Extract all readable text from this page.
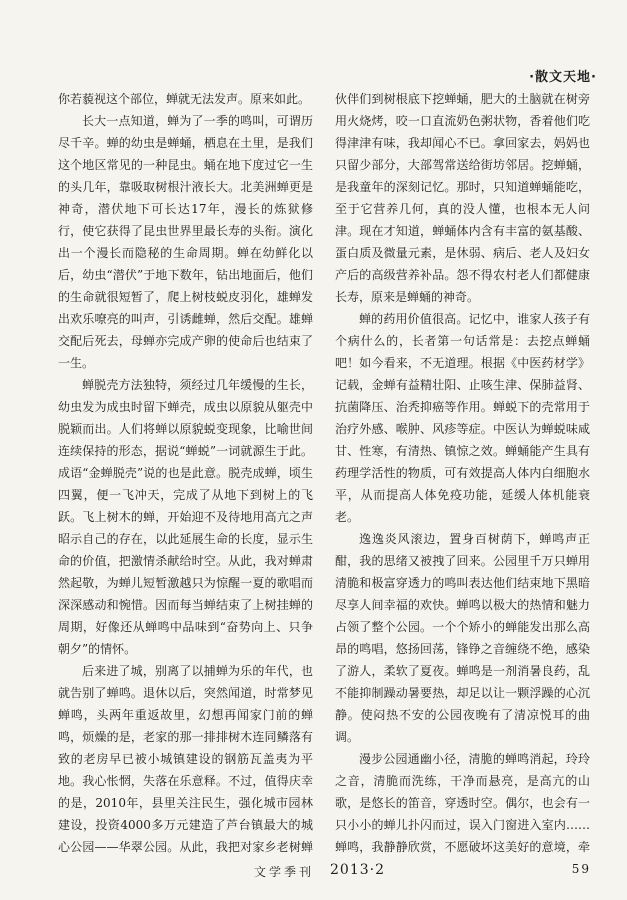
·散文天地·

你若藐视这个部位，蝉就无法发声。原来如此。

长大一点知道，蝉为了一季的鸣叫，可谓历尽千辛。蝉的幼虫是蝉蛹，栖息在土里，是我们这个地区常见的一种昆虫。蛹在地下度过它一生的头几年，靠吸取树根汁液长大。北美洲蝉更是神奇，潜伏地下可长达17年，漫长的炼狱修行，使它获得了昆虫世界里最长寿的头衔。演化出一个漫长而隐秘的生命周期。蝉在幼鲜化以后，幼虫“潜伏”于地下数年，钻出地面后，他们的生命就很短暂了，爬上树枝蜕皮羽化，雄蝉发出欢乐嘹亮的叫声，引诱雌蝉，然后交配。雄蝉交配后死去，母蝉亦完成产卵的使命后也结束了一生。

蝉脱壳方法独特，须经过几年缓慢的生长，幼虫发为成虫时留下蝉壳，成虫以原貌从躯壳中脱颖而出。人们将蝉以原貌蜕变现象，比喻世间连续保持的形态，据说“蝉蜕”一词就源生于此。成语“金蝉脱壳”说的也是此意。脱壳成蝉，顷生四翼，便一飞冲天，完成了从地下到树上的飞跃。飞上树木的蝉，开始迎不及待地用高亢之声昭示自己的存在，以此延展生命的长度，显示生命的价值，把激情杀献给时空。从此，我对蝉肃然起敬，为蝉儿短暂激越只为惊醒一夏的歌唱而深深感动和惋惜。因而每当蝉结束了上树挂蝉的周期，好像还从蝉鸣中品味到“奋势向上、只争朝夕”的情怀。

后来进了城，别离了以捕蝉为乐的年代，也就告别了蝉鸣。退休以后，突然闻道，时常梦见蝉鸣，头两年重返故里，幻想再闻家门前的蝉鸣，烦燥的是，老家的那一排排树木连同鳞落有致的老房早已被小城镇建设的钢筋瓦盖夷为平地。我心怅惘，失落在乐意释。不过，值得庆幸的是，2010年，县里关注民生，强化城市园林建设，投资4000多万元建造了芦台镇最大的城心公园——华翠公园。从此，我把对家乡老树蝉

伙伴们到树根底下挖蝉蛹，肥大的土脑就在树旁用火烧烤，咬一口直流奶色粥状物，香着他们吃得津津有味，我却闻心不已。拿回家去，妈妈也只留少部分，大部驾常送给街坊邻居。挖蝉蛹，是我童年的深刻记忆。那时，只知道蝉蛹能吃，至于它营养几何，真的没人懂，也根本无人问津。现在才知道，蝉蛹体内含有丰富的氨基酸、蛋白质及微量元素，是休弱、病后、老人及妇女产后的高级营养补品。怨不得农村老人们都健康长寿，原来是蝉蛹的神奇。

蝉的药用价值很高。记忆中，谁家人孩子有个病什么的，长者第一句话常是：去挖点蝉蛹吧！如今看来，不无道理。根据《中医药材学》记载，金蝉有益精壮阳、止咳生津、保肺益肾、抗菌降压、治秃抑癌等作用。蝉蜕下的壳常用于治疗外感、喉肿、风疹等症。中医认为蝉蜕味咸甘、性寒，有清热、镇惊之效。蝉蛹能产生具有药理学活性的物质，可有效提高人体内白细胞水平，从而提高人体免疫功能，延缓人体机能衰老。

逸逸炎风滚边，置身百树荫下，蝉鸣声正酣，我的思绪又被拽了回来。公园里千万只蝉用清脆和极富穿透力的鸣叫表达他们结束地下黑暗尽享人间幸福的欢快。蝉鸣以极大的热情和魅力占领了整个公园。一个个矫小的蝉能发出那么高昂的鸣唱，悠扬回荡，锋铮之音缠绕不绝，感染了游人，柔软了夏夜。蝉鸣是一剂消暑良药，乱不能抑制躁动暑要热，却足以让一颗浮躁的心沉静。使闷热不安的公园夜晚有了清凉悦耳的曲调。

漫步公园通幽小径，清脆的蝉鸣消起，玲玲之音，清脆而洗练，干净而悬亮，是高亢的山歌，是悠长的笛音，穿透时空。偶尔，也会有一只小小的蝉儿扑闪而过，误入门窗进入室内……蝉鸣，我静静欣赏，不愿破坏这美好的意境，牵

文学季刊 2013·2	59
